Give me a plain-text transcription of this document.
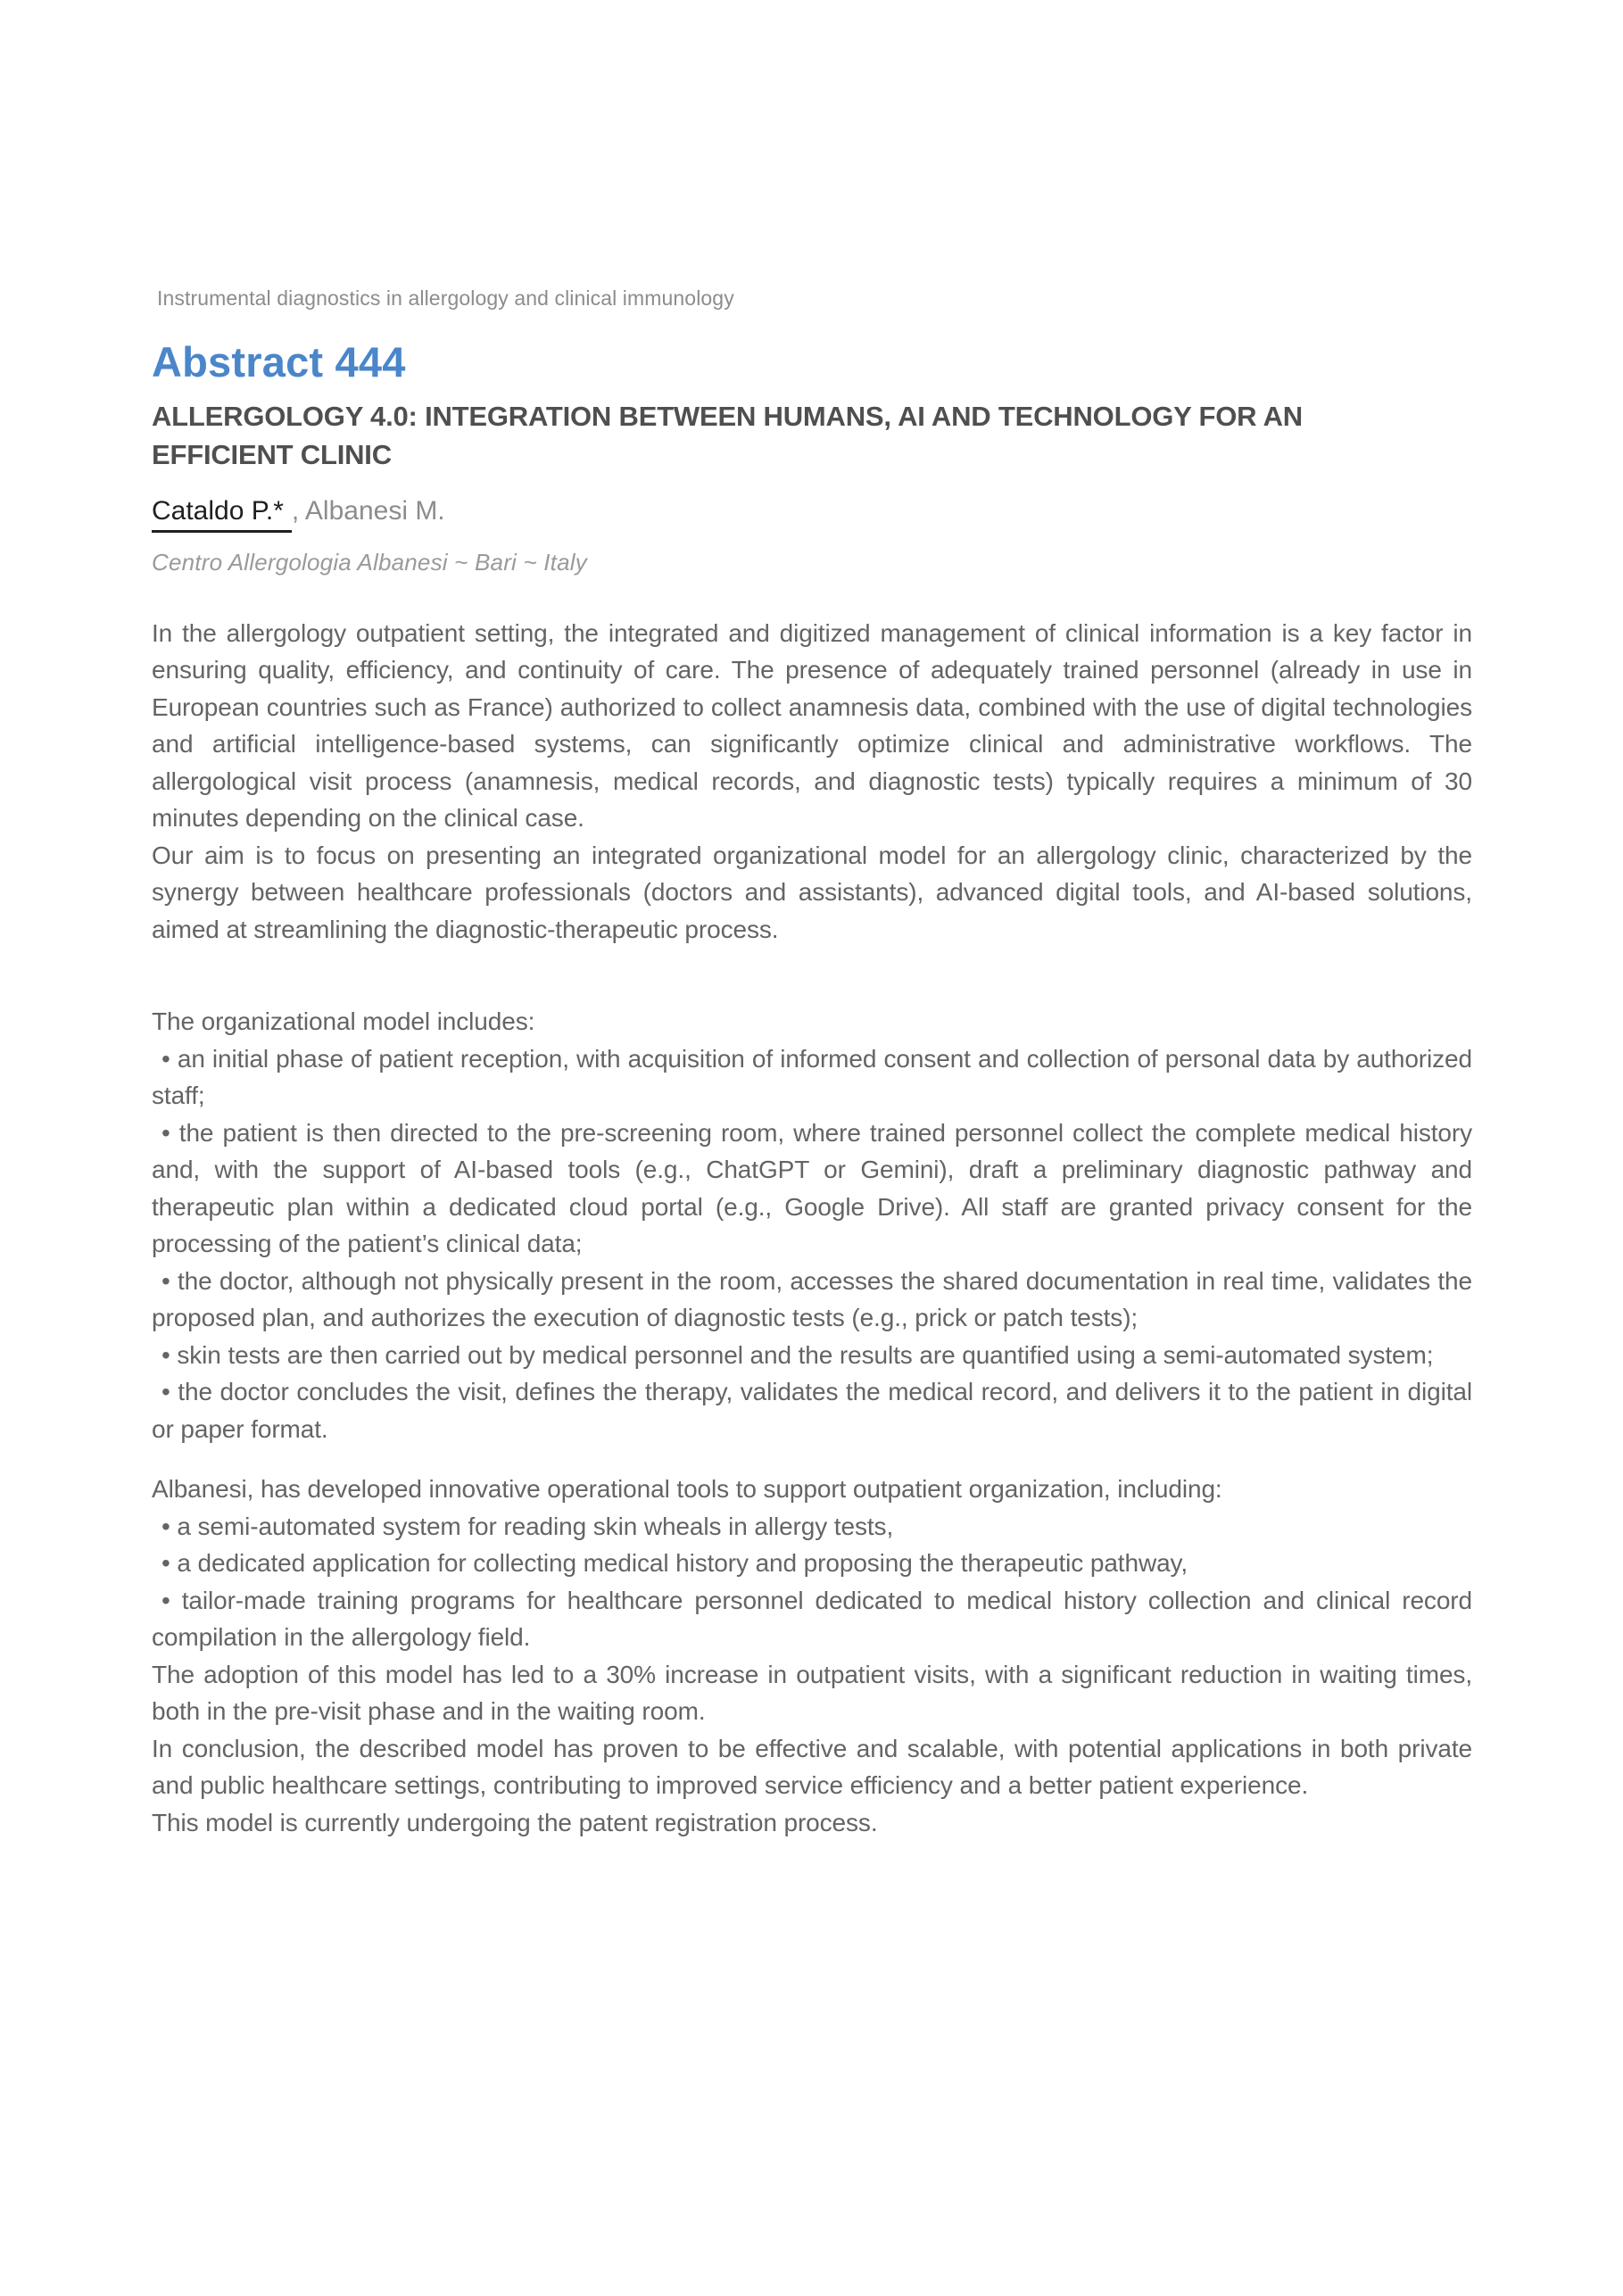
Instrumental diagnostics in allergology and clinical immunology
Abstract 444
ALLERGOLOGY 4.0: INTEGRATION BETWEEN HUMANS, AI AND TECHNOLOGY FOR AN
EFFICIENT CLINIC
Cataldo P.* , Albanesi M.
Centro Allergologia Albanesi ~ Bari ~ Italy

In the allergology outpatient setting, the integrated and digitized management of clinical information is a key factor in ensuring quality, efficiency, and continuity of care. The presence of adequately trained personnel (already in use in European countries such as France) authorized to collect anamnesis data, combined with the use of digital technologies and artificial intelligence-based systems, can significantly optimize clinical and administrative workflows. The allergological visit process (anamnesis, medical records, and diagnostic tests) typically requires a minimum of 30 minutes depending on the clinical case.

Our aim is to focus on presenting an integrated organizational model for an allergology clinic, characterized by the synergy between healthcare professionals (doctors and assistants), advanced digital tools, and AI-based solutions, aimed at streamlining the diagnostic-therapeutic process.

The organizational model includes:

• an initial phase of patient reception, with acquisition of informed consent and collection of personal data by authorized staff;

• the patient is then directed to the pre-screening room, where trained personnel collect the complete medical history and, with the support of AI-based tools (e.g., ChatGPT or Gemini), draft a preliminary diagnostic pathway and therapeutic plan within a dedicated cloud portal (e.g., Google Drive). All staff are granted privacy consent for the processing of the patient’s clinical data;

• the doctor, although not physically present in the room, accesses the shared documentation in real time, validates the proposed plan, and authorizes the execution of diagnostic tests (e.g., prick or patch tests);

• skin tests are then carried out by medical personnel and the results are quantified using a semi-automated system;

• the doctor concludes the visit, defines the therapy, validates the medical record, and delivers it to the patient in digital or paper format.

Albanesi, has developed innovative operational tools to support outpatient organization, including:

• a semi-automated system for reading skin wheals in allergy tests,

• a dedicated application for collecting medical history and proposing the therapeutic pathway,

• tailor-made training programs for healthcare personnel dedicated to medical history collection and clinical record compilation in the allergology field.

The adoption of this model has led to a 30% increase in outpatient visits, with a significant reduction in waiting times, both in the pre-visit phase and in the waiting room.

In conclusion, the described model has proven to be effective and scalable, with potential applications in both private and public healthcare settings, contributing to improved service efficiency and a better patient experience.

This model is currently undergoing the patent registration process.
